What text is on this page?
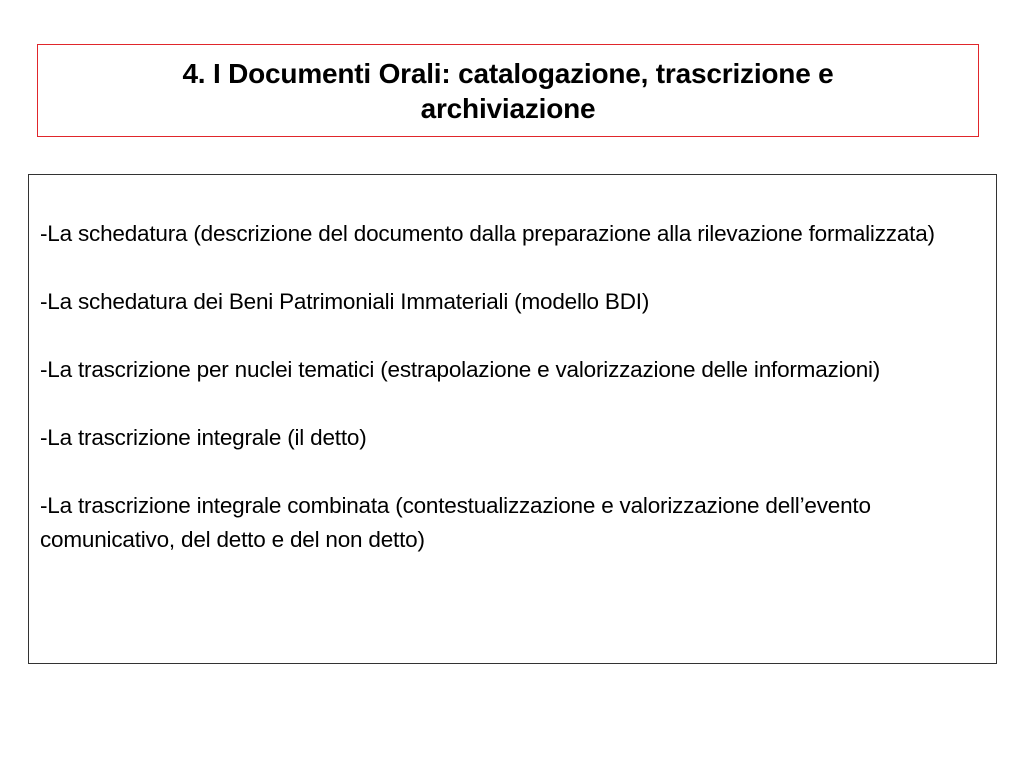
4. I Documenti Orali: catalogazione, trascrizione e archiviazione

-La schedatura (descrizione del documento dalla preparazione alla rilevazione formalizzata)

-La schedatura dei Beni Patrimoniali Immateriali (modello BDI)

-La trascrizione per nuclei tematici (estrapolazione e valorizzazione delle informazioni)

-La trascrizione integrale (il detto)

-La trascrizione integrale combinata (contestualizzazione e valorizzazione dell’evento comunicativo, del detto e del non detto)
